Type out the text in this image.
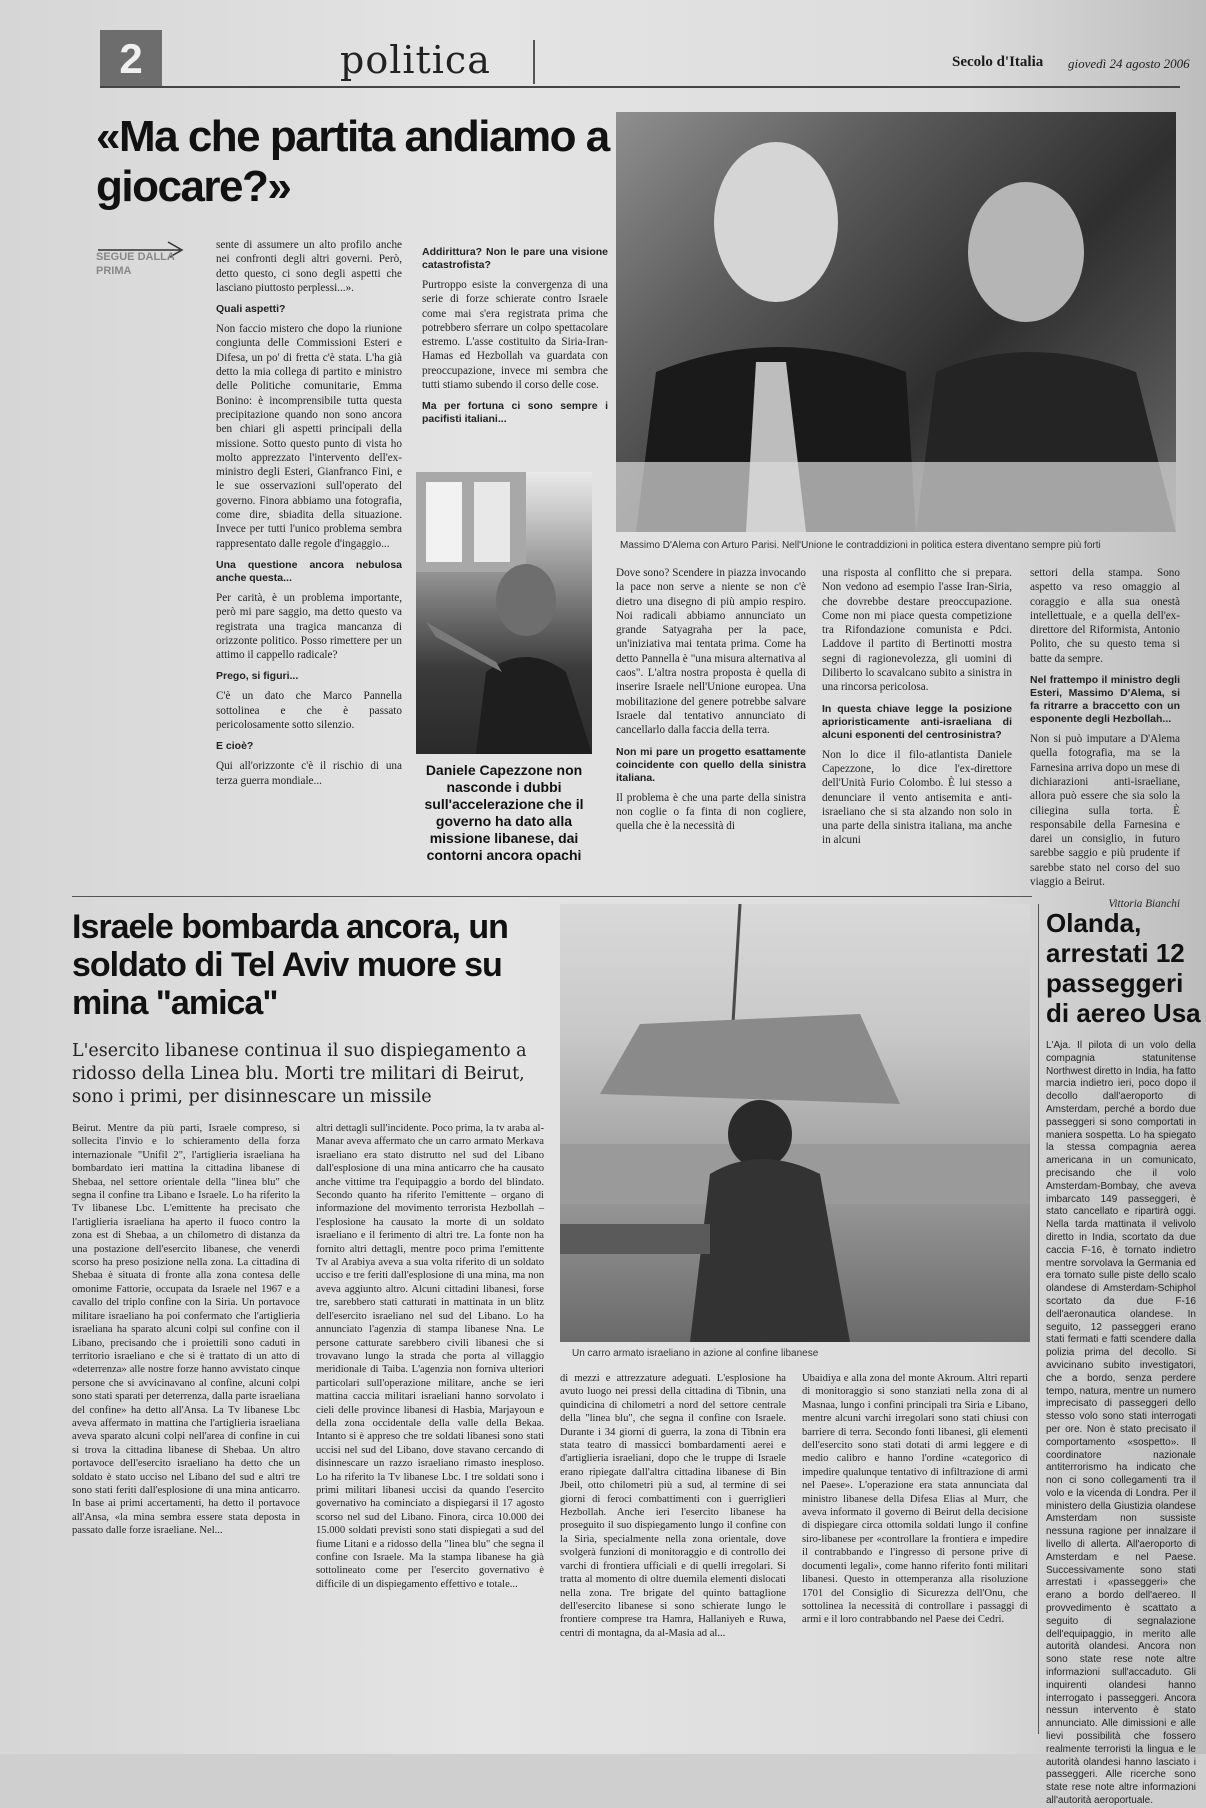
2	politica	Secolo d'Italia giovedì 24 agosto 2006
«Ma che partita andiamo a giocare?»
SEGUE DALLA PRIMA

sente di assumere un alto profilo anche nei confronti degli altri governi. Però, detto questo, ci sono degli aspetti che lasciano piuttosto perplessi...».

Quali aspetti?

Non faccio mistero che dopo la riunione congiunta delle Commissioni Esteri e Difesa, un po' di fretta c'è stata. L'ha già detto la mia collega di partito e ministro delle Politiche comunitarie, Emma Bonino: è incomprensibile tutta questa precipitazione quando non sono ancora ben chiari gli aspetti principali della missione. Sotto questo punto di vista ho molto apprezzato l'intervento dell'ex-ministro degli Esteri, Gianfranco Fini, e le sue osservazioni sull'operato del governo. Finora abbiamo una fotografia, come dire, sbiadita della situazione. Invece per tutti l'unico problema sembra rappresentato dalle regole d'ingaggio...

Una questione ancora nebulosa anche questa...

Per carità, è un problema importante, però mi pare saggio, ma detto questo va registrata una tragica mancanza di orizzonte politico. Posso rimettere per un attimo il cappello radicale?

Prego, si figuri...

C'è un dato che Marco Pannella sottolinea e che è passato pericolosamente sotto silenzio.

E cioè?

Qui all'orizzonte c'è il rischio di una terza guerra mondiale...

Addirittura? Non le pare una visione catastrofista?

Purtroppo esiste la convergenza di una serie di forze schierate contro Israele come mai s'era registrata prima che potrebbero sferrare un colpo spettacolare estremo. L'asse costituito da Siria-Iran-Hamas ed Hezbollah va guardata con preoccupazione, invece mi sembra che tutti stiamo subendo il corso delle cose.

Ma per fortuna ci sono sempre i pacifisti italiani...

Daniele Capezzone non nasconde i dubbi sull'accelerazione che il governo ha dato alla missione libanese, dai contorni ancora opachi
Massimo D'Alema con Arturo Parisi. Nell'Unione le contraddizioni in politica estera diventano sempre più forti

Dove sono? Scendere in piazza invocando la pace non serve a niente se non c'è dietro una disegno di più ampio respiro. Noi radicali abbiamo annunciato un grande Satyagraha per la pace, un'iniziativa mai tentata prima. Come ha detto Pannella è "una misura alternativa al caos". L'altra nostra proposta è quella di inserire Israele nell'Unione europea. Una mobilitazione del genere potrebbe salvare Israele dal tentativo annunciato di cancellarlo dalla faccia della terra.

Non mi pare un progetto esattamente coincidente con quello della sinistra italiana.

Il problema è che una parte della sinistra non coglie o fa finta di non coglierе, quella che è la necessità di

una risposta al conflitto che si prepara. Non vedono ad esempio l'asse Iran-Siria, che dovrebbe destare preoccupazione. Come non mi piace questa competizione tra Rifondazione comunista e Pdci. Laddove il partito di Bertinotti mostra segni di ragionevolezza, gli uomini di Diliberto lo scavalcano subito a sinistra in una rincorsa pericolosa.

In questa chiave legge la posizione aprioristicamente anti-israeliana di alcuni esponenti del centrosinistra?

Non lo dice il filo-atlantista Daniele Capezzone, lo dice l'ex-direttore dell'Unità Furio Colombo. È lui stesso a denunciare il vento antisemita e anti-israeliano che si sta alzando non solo in una parte della sinistra italiana, ma anche in alcuni

settori della stampa. Sono aspetto va reso omaggio al coraggio e alla sua onestà intellettuale, e a quella dell'ex-direttore del Riformista, Antonio Polito, che su questo tema si batte da sempre.

Nel frattempo il ministro degli Esteri, Massimo D'Alema, si fa ritrarre a braccetto con un esponente degli Hezbollah...

Non si può imputare a D'Alema quella fotografia, ma se la Farnesina arriva dopo un mese di dichiarazioni anti-israeliane, allora può essere che sia solo la ciliegina sulla torta. È responsabile della Farnesina e darei un consiglio, in futuro sarebbe saggio e più prudente if sarebbe stato nel corso del suo viaggio a Beirut.

Vittoria Bianchi

Israele bombarda ancora, un soldato di Tel Aviv muore su mina "amica"
L'esercito libanese continua il suo dispiegamento a ridosso della Linea blu. Morti tre militari di Beirut, sono i primi, per disinnescare un missile
Un carro armato israeliano in azione al confine libanese
Beirut. Mentre da più parti, Israele compreso, si sollecita l'invio e lo schieramento della forza internazionale "Unifil 2", l'artiglieria israeliana ha bombardato ieri mattina la cittadina libanese di Shebaa, nel settore orientale della "linea blu" che segna il confine tra Libano e Israele. Lo ha riferito la Tv libanese Lbc. L'emittente ha precisato che l'artiglieria israeliana ha aperto il fuoco contro la zona est di Shebaa, a un chilometro di distanza da una postazione dell'esercito libanese, che venerdì scorso ha preso posizione nella zona. La cittadina di Shebaa è situata di fronte alla zona contesa delle omonime Fattorie, occupata da Israele nel 1967 e a cavallo del triplo confine con la Siria. Un portavoce militare israeliano ha poi confermato che l'artiglieria israeliana ha sparato alcuni colpi sul confine con il Libano, precisando che i proiettili sono caduti in territorio israeliano e che si è trattato di un atto di «deterrenza» alle nostre forze hanno avvistato cinque persone che si avvicinavano al confine, alcuni colpi sono stati sparati per deterrenza, dalla parte israeliana del confine» ha detto all'Ansa. La Tv libanese Lbc aveva affermato in mattina che l'artiglieria israeliana aveva sparato alcuni colpi nell'area di confine in cui si trova la cittadina libanese di Shebaa. Un altro portavoce dell'esercito israeliano ha detto che un soldato è stato ucciso nel Libano del sud e altri tre sono stati feriti dall'esplosione di una mina anticarro. In base ai primi accertamenti, ha detto il portavoce all'Ansa, «la mina sembra essere stata deposta in passato dalle forze israeliane. Nel...
altri dettagli sull'incidente. Poco prima, la tv araba al-Manar aveva affermato che un carro armato Merkava israeliano era stato distrutto nel sud del Libano dall'esplosione di una mina anticarro che ha causato anche vittime tra l'equipaggio a bordo del blindato. Secondo quanto ha riferito l'emittente – organo di informazione del movimento terrorista Hezbollah – l'esplosione ha causato la morte di un soldato israeliano e il ferimento di altri tre. La fonte non ha fornito altri dettagli, mentre poco prima l'emittente Tv al Arabiya aveva a sua volta riferito di un soldato ucciso e tre feriti dall'esplosione di una mina, ma non aveva aggiunto altro. Alcuni cittadini libanesi, forse tre, sarebbero stati catturati in mattinata in un blitz dell'esercito israeliano nel sud del Libano. Lo ha annunciato l'agenzia di stampa libanese Nna. Le persone catturate sarebbero civili libanesi che si trovavano lungo la strada che porta al villaggio meridionale di Taiba. L'agenzia non forniva ulteriori particolari sull'operazione militare, anche se ieri mattina caccia militari israeliani hanno sorvolato i cieli delle province libanesi di Hasbia, Marjayoun e della zona occidentale della valle della Bekaa. Intanto si è appreso che tre soldati libanesi sono stati uccisi nel sud del Libano, dove stavano cercando di disinnescare un razzo israeliano rimasto inesploso. Lo ha riferito la Tv libanese Lbc. I tre soldati sono i primi militari libanesi uccisi da quando l'esercito governativo ha cominciato a dispiegarsi il 17 agosto scorso nel sud del Libano. Finora, circa 10.000 dei 15.000 soldati previsti sono stati dispiegati a sud del fiume Litani e a ridosso della "linea blu" che segna il confine con Israele. Ma la stampa libanese ha già sottolineato come per l'esercito governativo è difficile di un dispiegamento effettivo e totale...
di mezzi e attrezzature adeguati. L'esplosione ha avuto luogo nei pressi della cittadina di Tibnin, una quindicina di chilometri a nord del settore centrale della "linea blu", che segna il confine con Israele. Durante i 34 giorni di guerra, la zona di Tibnin era stata teatro di massicci bombardamenti aerei e d'artiglieria israeliani, dopo che le truppe di Israele erano ripiegate dall'altra cittadina libanese di Bin Jbeil, otto chilometri più a sud, al termine di sei giorni di feroci combattimenti con i guerriglieri Hezbollah. Anche ieri l'esercito libanese ha proseguito il suo dispiegamento lungo il confine con la Siria, specialmente nella zona orientale, dove svolgerà funzioni di monitoraggio e di controllo dei varchi di frontiera ufficiali e di quelli irregolari. Si tratta al momento di oltre duemila elementi dislocati nella zona. Tre brigate del quinto battaglione dell'esercito libanese si sono schierate lungo le frontiere comprese tra Hamra, Hallaniyeh e Ruwa, centri di montagna, da al-Masia ad al...
Ubaidiya e alla zona del monte Akroum. Altri reparti di monitoraggio si sono stanziati nella zona di al Masnaa, lungo i confini principali tra Siria e Libano, mentre alcuni varchi irregolari sono stati chiusi con barriere di terra. Secondo fonti libanesi, gli elementi dell'esercito sono stati dotati di armi leggere e di medio calibro e hanno l'ordine «categorico di impedire qualunque tentativo di infiltrazione di armi nel Paese». L'operazione era stata annunciata dal ministro libanese della Difesa Elias al Murr, che aveva informato il governo di Beirut della decisione di dispiegare circa ottomila soldati lungo il confine siro-libanese per «controllare la frontiera e impedire il contrabbando e l'ingresso di persone prive di documenti legali», come hanno riferito fonti militari libanesi. Questo in ottemperanza alla risoluzione 1701 del Consiglio di Sicurezza dell'Onu, che sottolinea la necessità di controllare i passaggi di armi e il loro contrabbando nel Paese dei Cedri.
Olanda, arrestati 12 passeggeri di aereo Usa
L'Aja. Il pilota di un volo della compagnia statunitense Northwest diretto in India, ha fatto marcia indietro ieri, poco dopo il decollo dall'aeroporto di Amsterdam, perché a bordo due passeggeri si sono comportati in maniera sospetta. Lo ha spiegato la stessa compagnia aerea americana in un comunicato, precisando che il volo Amsterdam-Bombay, che aveva imbarcato 149 passeggeri, è stato cancellato e ripartirà oggi. Nella tarda mattinata il velivolo diretto in India, scortato da due caccia F-16, è tornato indietro mentre sorvolava la Germania ed era tornato sulle piste dello scalo olandese di Amsterdam-Schiphol scortato da due F-16 dell'aeronautica olandese. In seguito, 12 passeggeri erano stati fermati e fatti scendere dalla polizia prima del decollo. Si avvicinano subito investigatori, che a bordo, senza perdere tempo, natura, mentre un numero imprecisato di passeggeri dello stesso volo sono stati interrogati per ore. Non è stato precisato il comportamento «sospetto». Il coordinatore nazionale antiterrorismo ha indicato che non ci sono collegamenti tra il volo e la vicenda di Londra. Per il ministero della Giustizia olandese Amsterdam non sussiste nessuna ragione per innalzare il livello di allerta. All'aeroporto di Amsterdam e nel Paese. Successivamente sono stati arrestati i «passeggeri» che erano a bordo dell'aereo. Il provvedimento è scattato a seguito di segnalazione dell'equipaggio, in merito alle autorità olandesi. Ancora non sono state rese note altre informazioni sull'accaduto. Gli inquirenti olandesi hanno interrogato i passeggeri. Ancora nessun intervento è stato annunciato. Alle dimissioni e alle lievi possibilità che fossero realmente terroristi la lingua e le autorità olandesi hanno lasciato i passeggeri. Alle ricerche sono state rese note altre informazioni all'autorità aeroportuale.
